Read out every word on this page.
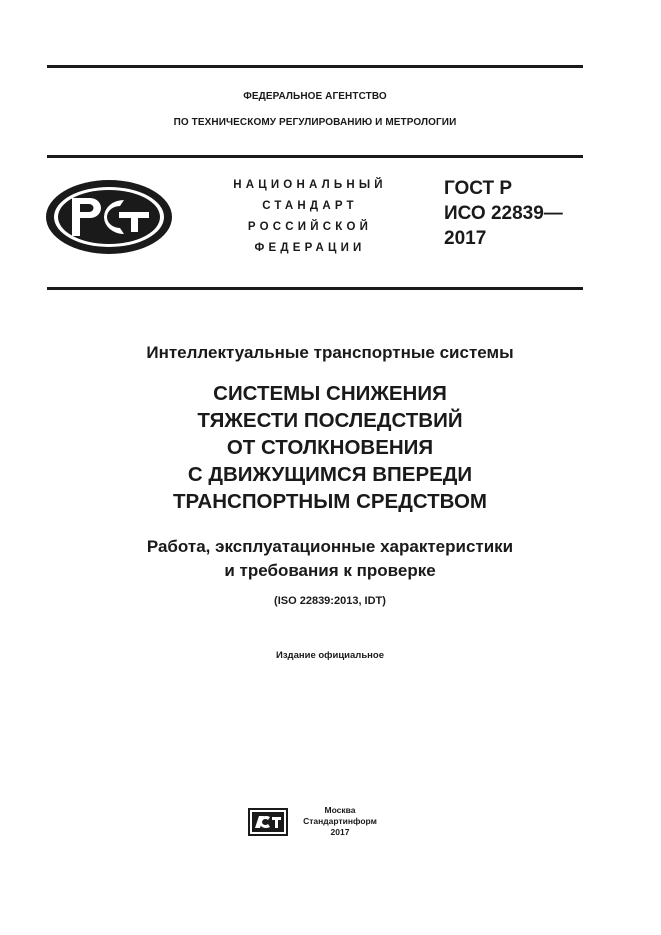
ФЕДЕРАЛЬНОЕ АГЕНТСТВО
ПО ТЕХНИЧЕСКОМУ РЕГУЛИРОВАНИЮ И МЕТРОЛОГИИ
НАЦИОНАЛЬНЫЙ
СТАНДАРТ
РОССИЙСКОЙ
ФЕДЕРАЦИИ
ГОСТ Р
ИСО 22839—
2017
Интеллектуальные транспортные системы
СИСТЕМЫ СНИЖЕНИЯ
ТЯЖЕСТИ ПОСЛЕДСТВИЙ
ОТ СТОЛКНОВЕНИЯ
С ДВИЖУЩИМСЯ ВПЕРЕДИ
ТРАНСПОРТНЫМ СРЕДСТВОМ
Работа, эксплуатационные характеристики
и требования к проверке
(ISO 22839:2013, IDT)
Издание официальное
Москва
Стандартинформ
2017
